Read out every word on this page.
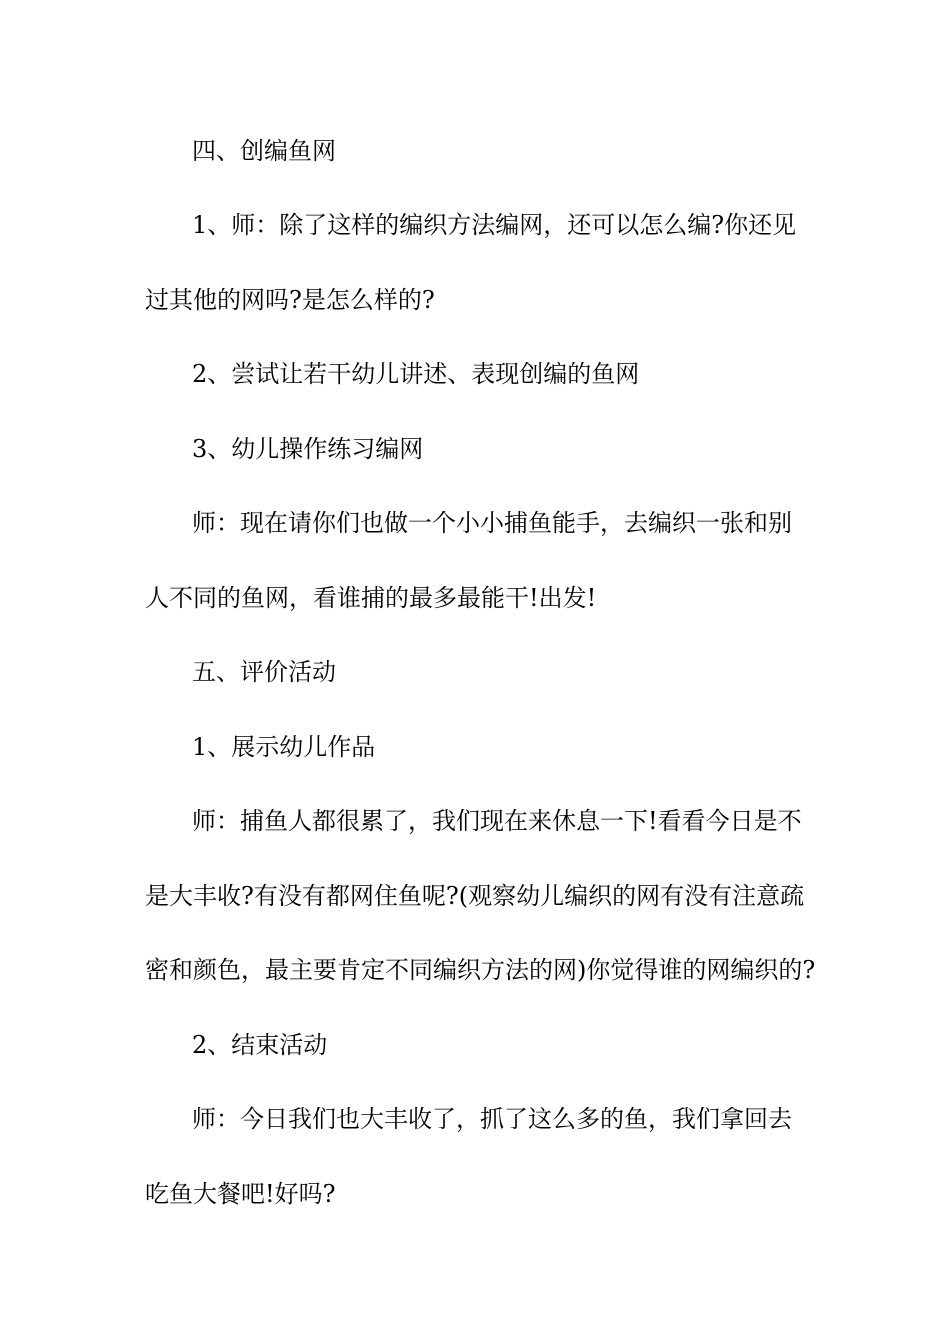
四、创编鱼网
1、师：除了这样的编织方法编网，还可以怎么编?你还见
过其他的网吗?是怎么样的?
2、尝试让若干幼儿讲述、表现创编的鱼网
3、幼儿操作练习编网
师：现在请你们也做一个小小捕鱼能手，去编织一张和别
人不同的鱼网，看谁捕的最多最能干!出发!
五、评价活动
1、展示幼儿作品
师：捕鱼人都很累了，我们现在来休息一下!看看今日是不
是大丰收?有没有都网住鱼呢?(观察幼儿编织的网有没有注意疏
密和颜色，最主要肯定不同编织方法的网)你觉得谁的网编织的?
2、结束活动
师：今日我们也大丰收了，抓了这么多的鱼，我们拿回去
吃鱼大餐吧!好吗?
